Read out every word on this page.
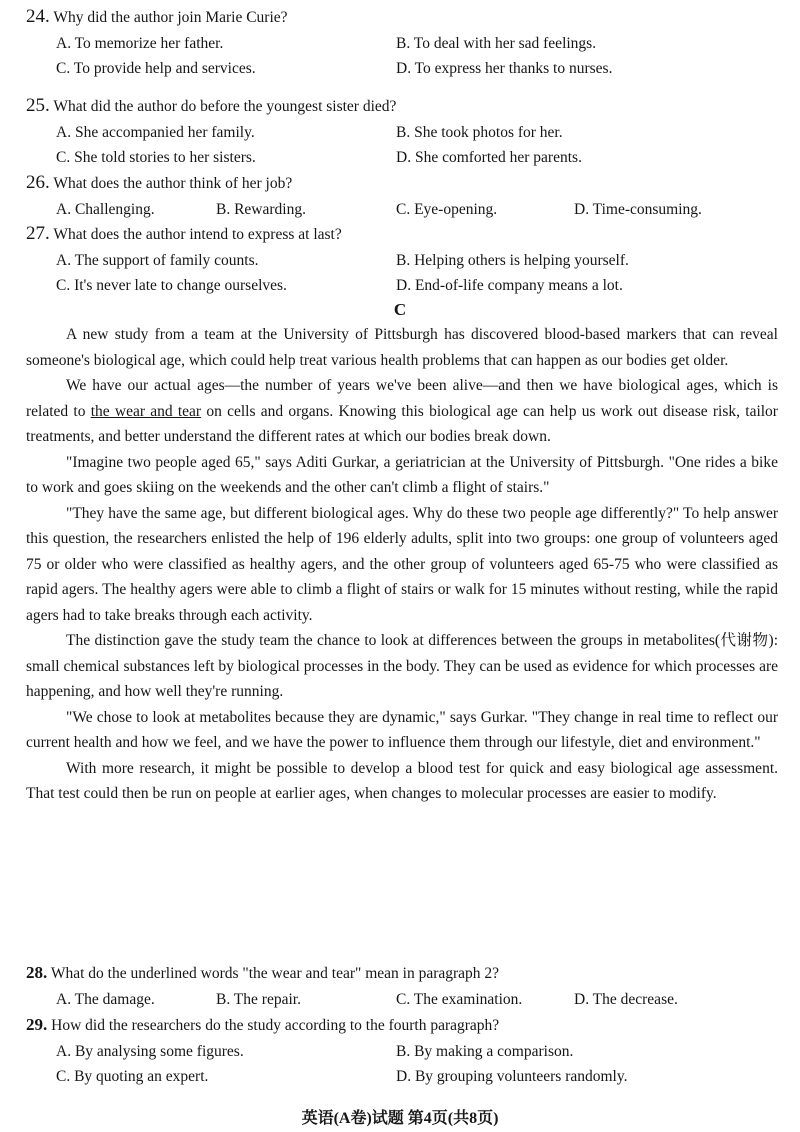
24. Why did the author join Marie Curie?
A. To memorize her father.	B. To deal with her sad feelings.
C. To provide help and services.	D. To express her thanks to nurses.
25. What did the author do before the youngest sister died?
A. She accompanied her family.	B. She took photos for her.
C. She told stories to her sisters.	D. She comforted her parents.
26. What does the author think of her job?
A. Challenging.	B. Rewarding.	C. Eye-opening.	D. Time-consuming.
27. What does the author intend to express at last?
A. The support of family counts.	B. Helping others is helping yourself.
C. It's never late to change ourselves.	D. End-of-life company means a lot.
C

A new study from a team at the University of Pittsburgh has discovered blood-based markers that can reveal someone's biological age, which could help treat various health problems that can happen as our bodies get older.

We have our actual ages—the number of years we've been alive—and then we have biological ages, which is related to the wear and tear on cells and organs. Knowing this biological age can help us work out disease risk, tailor treatments, and better understand the different rates at which our bodies break down.

"Imagine two people aged 65," says Aditi Gurkar, a geriatrician at the University of Pittsburgh. "One rides a bike to work and goes skiing on the weekends and the other can't climb a flight of stairs."

"They have the same age, but different biological ages. Why do these two people age differently?" To help answer this question, the researchers enlisted the help of 196 elderly adults, split into two groups: one group of volunteers aged 75 or older who were classified as healthy agers, and the other group of volunteers aged 65-75 who were classified as rapid agers. The healthy agers were able to climb a flight of stairs or walk for 15 minutes without resting, while the rapid agers had to take breaks through each activity.

The distinction gave the study team the chance to look at differences between the groups in metabolites(代谢物): small chemical substances left by biological processes in the body. They can be used as evidence for which processes are happening, and how well they're running.

"We chose to look at metabolites because they are dynamic," says Gurkar. "They change in real time to reflect our current health and how we feel, and we have the power to influence them through our lifestyle, diet and environment."

With more research, it might be possible to develop a blood test for quick and easy biological age assessment. That test could then be run on people at earlier ages, when changes to molecular processes are easier to modify.

28. What do the underlined words "the wear and tear" mean in paragraph 2?
A. The damage.	B. The repair.	C. The examination.	D. The decrease.
29. How did the researchers do the study according to the fourth paragraph?
A. By analysing some figures.	B. By making a comparison.
C. By quoting an expert.	D. By grouping volunteers randomly.
英语(A卷)试题 第4页(共8页)
